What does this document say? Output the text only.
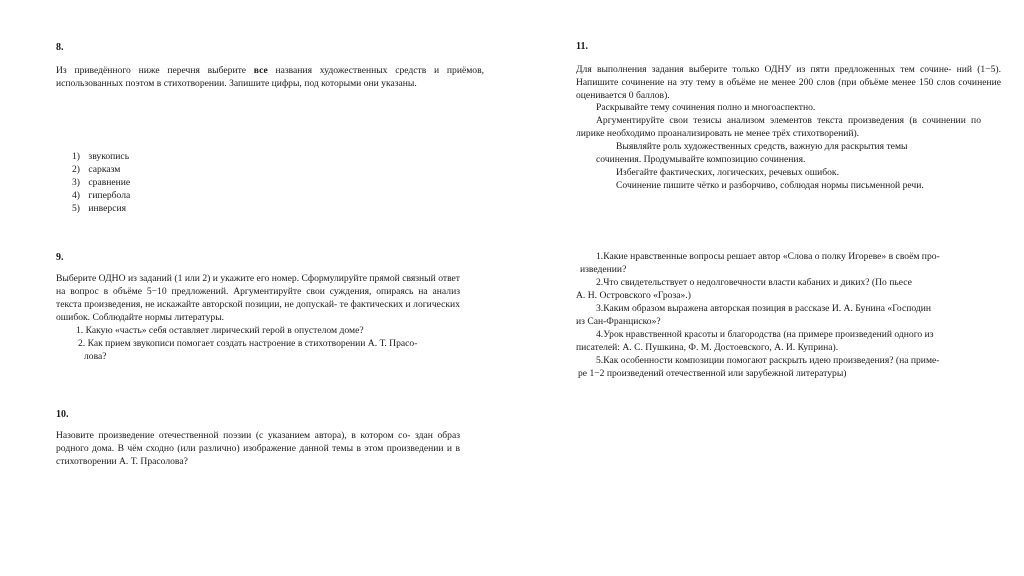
8.

Из приведённого ниже перечня выберите все названия художественных средств и приёмов, использованных поэтом в стихотворении. Запишите цифры, под которыми они указаны.

1) звукопись
2) сарказм
3) сравнение
4) гипербола
5) инверсия
9.

Выберите ОДНО из заданий (1 или 2) и укажите его номер. Сформулируйте прямой связный ответ на вопрос в объёме 5−10 предложений. Аргументируйте свои суждения, опираясь на анализ текста произведения, не искажайте авторской позиции, не допускай- те фактических и логических ошибок. Соблюдайте нормы литературы.

1. Какую «часть» себя оставляет лирический герой в опустелом доме?
2. Как прием звукописи помогает создать настроение в стихотворении А. Т. Прасо-
лова?
10.

Назовите произведение отечественной поэзии (с указанием автора), в котором со- здан образ родного дома. В чём сходно (или различно) изображение данной темы в этом произведении и в стихотворении А. Т. Прасолова?

11.

Для выполнения задания выберите только ОДНУ из пяти предложенных тем сочине- ний (1−5). Напишите сочинение на эту тему в объёме не менее 200 слов (при объёме менее 150 слов сочинение оценивается 0 баллов).

Раскрывайте тему сочинения полно и многоаспектно.

Аргументируйте свои тезисы анализом элементов текста произведения (в сочинении по лирике необходимо проанализировать не менее трёх стихотворений).

Выявляйте роль художественных средств, важную для раскрытия темы
сочинения. Продумывайте композицию сочинения.
Избегайте фактических, логических, речевых ошибок.
Сочинение пишите чётко и разборчиво, соблюдая нормы письменной речи.
1.Какие нравственные вопросы решает автор «Слова о полку Игореве» в своём про-
изведении?
2.Что свидетельствует о недолговечности власти кабаних и диких? (По пьесе
А. Н. Островского «Гроза».)
3.Каким образом выражена авторская позиция в рассказе И. А. Бунина «Господин
из Сан-Франциско»?
4.Урок нравственной красоты и благородства (на примере произведений одного из
писателей: А. С. Пушкина, Ф. М. Достоевского, А. И. Куприна).
5.Как особенности композиции помогают раскрыть идею произведения? (на приме-
ре 1−2 произведений отечественной или зарубежной литературы)
